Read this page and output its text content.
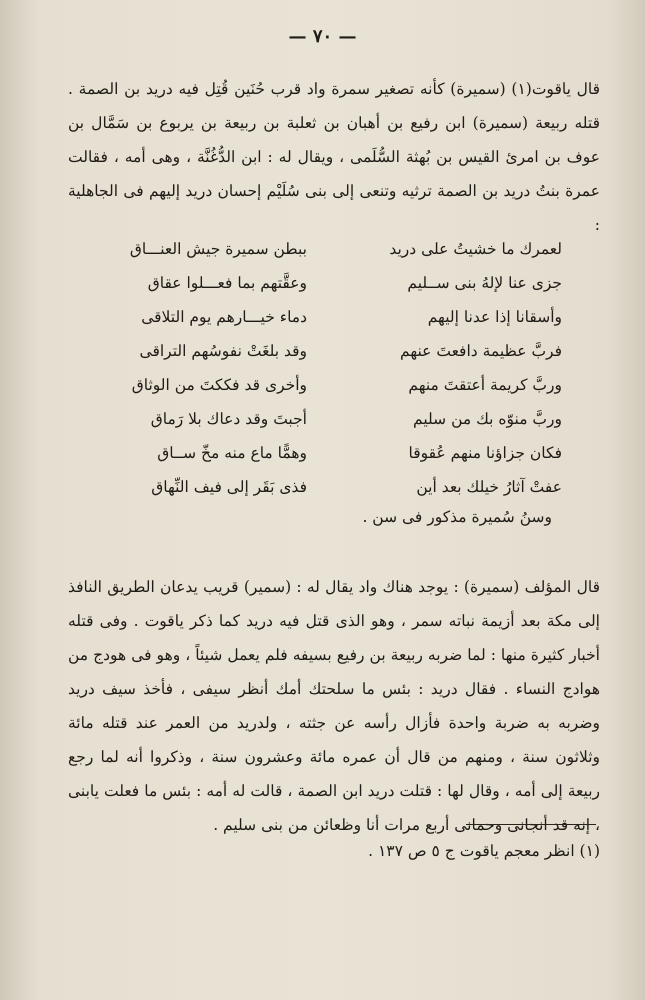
— ٧٠ —

قال ياقوت(١) (سميرة) كأنه تصغير سمرة واد قرب حُنَين قُتِل فيه دريد بن الصمة . قتله ربيعة (سميرة) ابن رفيع بن أهبان بن ثعلبة بن ربيعة بن يربوع بن سَمَّال بن عوف بن امرئ القيس بن بُهثة السُّلَمى ، ويقال له : ابن الدُّغُنَّة ، وهى أمه ، فقالت عمرة بنتُ دريد بن الصمة ترثيه وتنعى إلى بنى سُلَيْم إحسان دريد إليهم فى الجاهلية :

لعمرك ما خشيتُ على دريد
ببطن سميرة جيش العنـــاق
جزى عنا لإلهُ بنى ســليم
وعقَّتهم بما فعـــلوا عقاق
وأسقانا إذا عدنا إليهم
دماء خيـــارهم يوم التلاقى
فربَّ عظيمة دافعتَ عنهم
وقد بلغَتْ نفوسُهم التراقى
وربَّ كريمة أعتقتَ منهم
وأخرى قد فككتَ من الوثاق
وربَّ منوّه بك من سليم
أجبتَ وقد دعاك بلا رَماق
فكان جزاؤنا منهم عُقوقا
وهمًّا ماع منه مخّ ســاق
عفتْ آثارُ خيلك بعد أين
فذى بَقَر إلى فيف النِّهاق
وسنُ سُميرة مذكور فى سن .

قال المؤلف (سميرة) : يوجد هناك واد يقال له : (سمير) قريب يدعان الطريق النافذ إلى مكة بعد أزيمة نباته سمر ، وهو الذى قتل فيه دريد كما ذكر ياقوت . وفى قتله أخبار كثيرة منها : لما ضربه ربيعة بن رفيع بسيفه فلم يعمل شيئاً ، وهو فى هودج من هوادج النساء . فقال دريد : بئس ما سلحتك أمك أنظر سيفى ، فأخذ سيف دريد وضربه به ضربة واحدة فأزال رأسه عن جثته ، ولدريد من العمر عند قتله مائة وثلاثون سنة ، ومنهم من قال أن عمره مائة وعشرون سنة ، وذكروا أنه لما رجع ربيعة إلى أمه ، وقال لها : قتلت دريد ابن الصمة ، قالت له أمه : بئس ما فعلت يابنى ، إنه قد أنجانى وحمانى أربع مرات أنا وظعائن من بنى سليم .

(١) انظر معجم ياقوت ج ٥ ص ١٣٧ .
